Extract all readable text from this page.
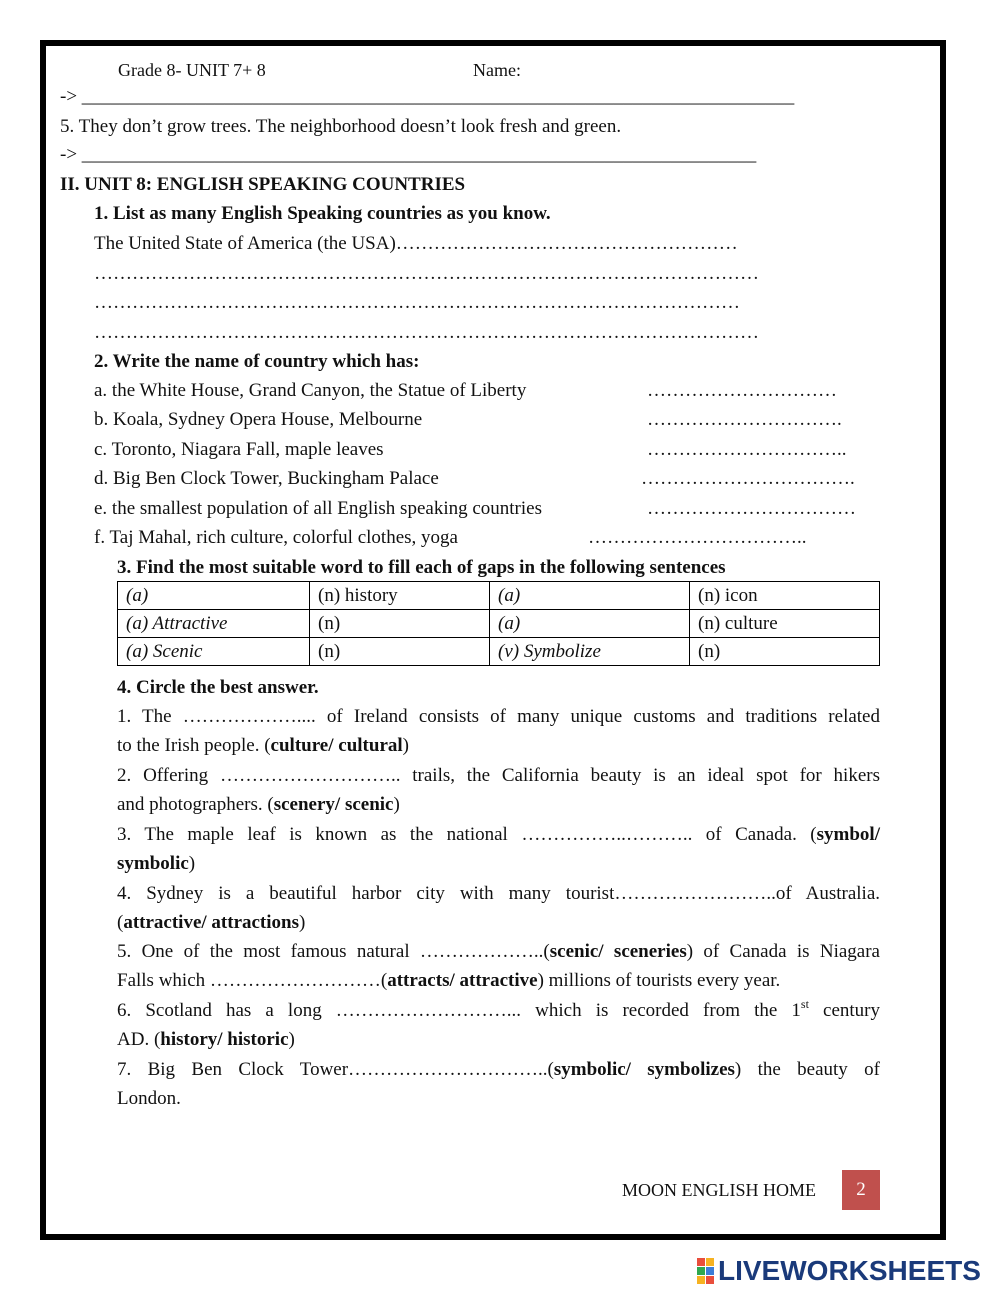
Grade 8- UNIT 7+ 8	Name:
-> ___________________________________________________________________________
5. They don’t grow trees. The neighborhood doesn’t look fresh and green.
-> _______________________________________________________________________
II. UNIT 8: ENGLISH SPEAKING COUNTRIES
1. List as many English Speaking countries as you know.
The United State of America (the USA)………………………………………………
……………………………………………………………………………………………
…………………………………………………………………………………………
……………………………………………………………………………………………
2. Write the name of country which has:
a. the White House, Grand Canyon, the Statue of Liberty	…………………………
b. Koala, Sydney Opera House, Melbourne	………………………….
c. Toronto, Niagara Fall, maple leaves	…………………………..
d. Big Ben Clock Tower, Buckingham Palace	…………………………….
e. the smallest population of all English speaking countries	……………………………
f. Taj Mahal, rich culture, colorful clothes, yoga	……………………………..
3. Find the most suitable word to fill each of gaps in the following sentences
(a)	(n) history	(a)	(n) icon
(a) Attractive	(n)	(a)	(n) culture
(a) Scenic	(n)	(v) Symbolize	(n)
4. Circle the best answer.
1. The ……………….... of Ireland consists of many unique customs and traditions related
to the Irish people. (culture/ cultural)
2. Offering ……………………….. trails, the California beauty is an ideal spot for hikers
and photographers. (scenery/ scenic)
3. The maple leaf is known as the national ……………..……….. of Canada. (symbol/
symbolic)
4. Sydney is a beautiful harbor city with many tourist……………………..of Australia.
(attractive/ attractions)
5. One of the most famous natural ………………..(scenic/ sceneries) of Canada is Niagara
Falls which ………………………(attracts/ attractive) millions of tourists every year.
6. Scotland has a long ………………………... which is recorded from the 1st century
AD. (history/ historic)
7. Big Ben Clock Tower…………………………..(symbolic/ symbolizes) the beauty of
London.
MOON ENGLISH HOME	2
LIVEWORKSHEETS
